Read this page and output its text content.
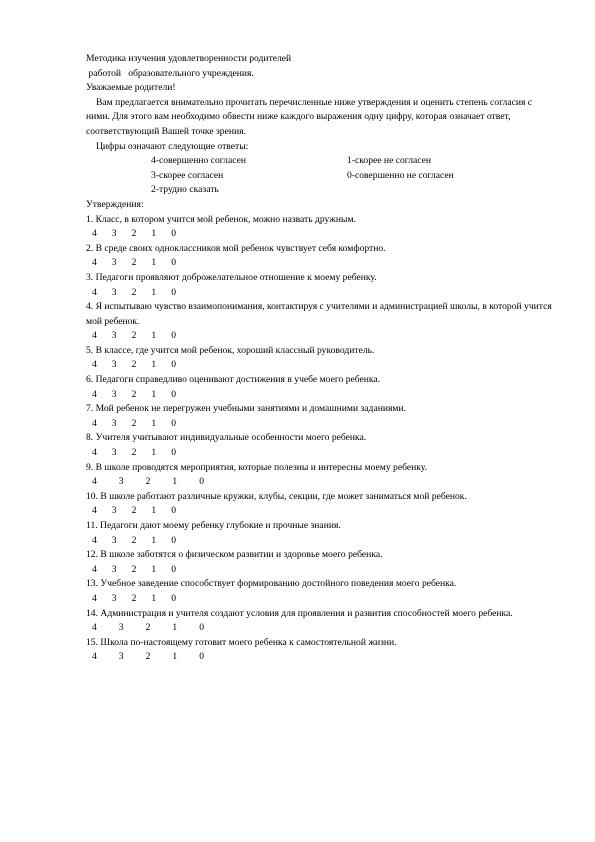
Методика изучения удовлетворенности родителей
работой   образовательного учреждения.
Уважаемые родители!
Вам предлагается внимательно прочитать перечисленные ниже утверждения и оценить степень согласия с ними. Для этого вам необходимо обвести ниже каждого выражения одну цифру, которая означает ответ, соответствующий Вашей точке зрения.
Цифры означают следующие ответы:
4-совершенно согласен	1-скорее не согласен
3-скорее согласен	0-совершенно не согласен
2-трудно сказать
Утверждения:
1. Класс, в котором учится мой ребенок, можно назвать дружным.
4 3 2 1 0
2. В среде своих одноклассников мой ребенок чувствует себя комфортно.
4 3 2 1 0
3. Педагоги проявляют доброжелательное отношение к моему ребенку.
4 3 2 1 0
4. Я испытываю чувство взаимопонимания, контактируя с учителями и администрацией школы, в которой учится мой ребенок.
4 3 2 1 0
5. В классе, где учится мой ребенок, хороший классный руководитель.
4 3 2 1 0
6. Педагоги справедливо оценивают достижения в учебе моего ребенка.
4 3 2 1 0
7. Мой ребенок не перегружен учебными занятиями и домашними заданиями.
4 3 2 1 0
8. Учителя учитывают индивидуальные особенности моего ребенка.
4 3 2 1 0
9. В школе проводятся мероприятия, которые полезны и интересны моему ребенку.
4 3 2 1 0
10. В школе работают различные кружки, клубы, секции, где может заниматься мой ребенок.
4 3 2 1 0
11. Педагоги дают моему ребенку глубокие и прочные знания.
4 3 2 1 0
12. В школе заботятся о физическом развитии и здоровье моего ребенка.
4 3 2 1 0
13. Учебное заведение способствует формированию достойного поведения моего ребенка.
4 3 2 1 0
14. Администрация и учителя создают условия для проявления и развития способностей моего ребенка.
4 3 2 1 0
15. Школа по-настоящему готовит моего ребенка к самостоятельной жизни.
4 3 2 1 0
